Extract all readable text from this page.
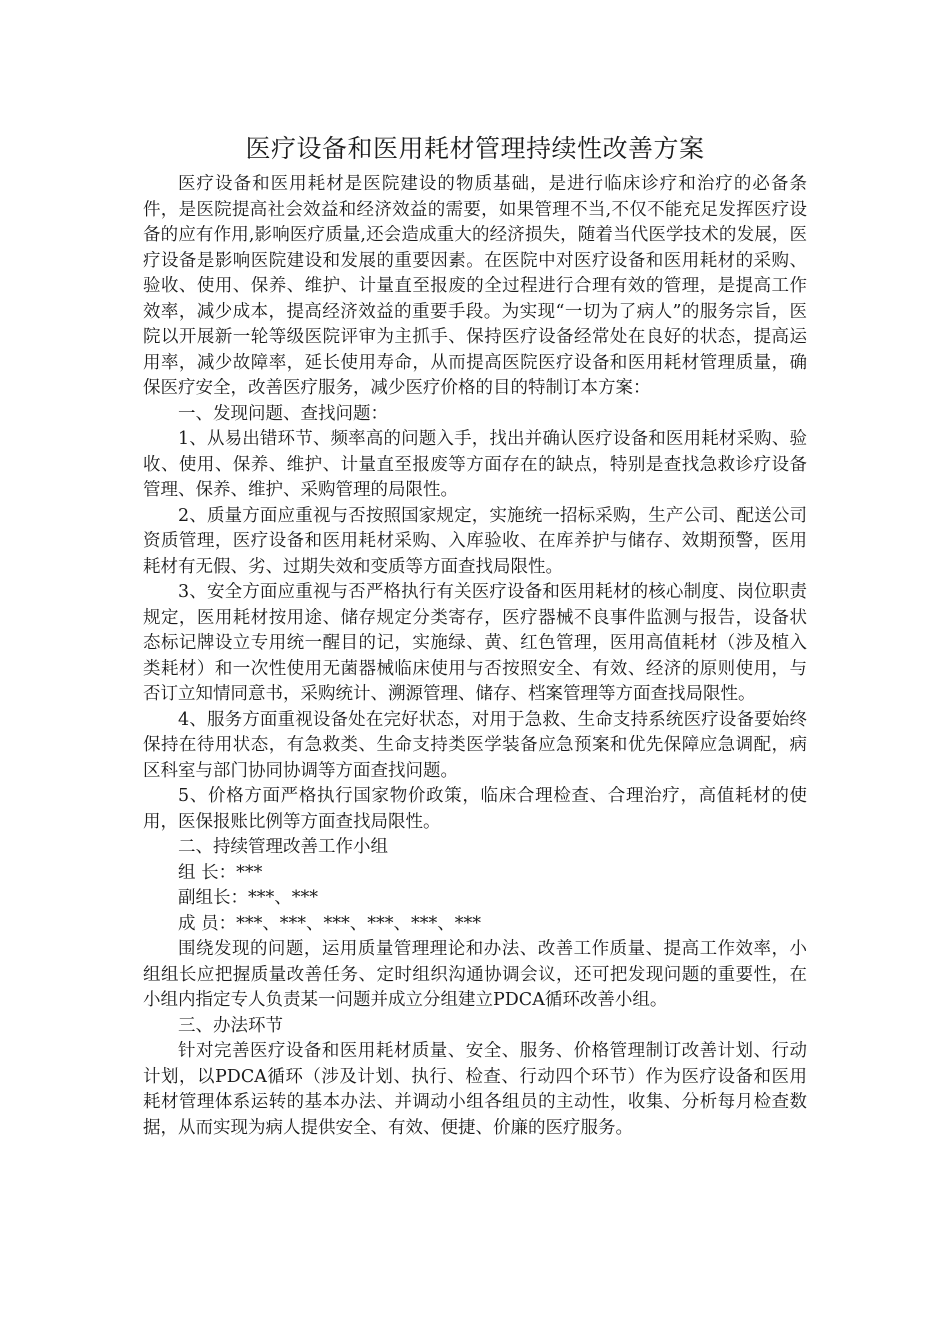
医疗设备和医用耗材管理持续性改善方案

医疗设备和医用耗材是医院建设的物质基础，是进行临床诊疗和治疗的必备条件，是医院提高社会效益和经济效益的需要，如果管理不当,不仅不能充足发挥医疗设备的应有作用,影响医疗质量,还会造成重大的经济损失，随着当代医学技术的发展，医疗设备是影响医院建设和发展的重要因素。在医院中对医疗设备和医用耗材的采购、验收、使用、保养、维护、计量直至报废的全过程进行合理有效的管理，是提高工作效率，减少成本，提高经济效益的重要手段。为实现“一切为了病人”的服务宗旨，医院以开展新一轮等级医院评审为主抓手、保持医疗设备经常处在良好的状态，提高运用率，减少故障率，延长使用寿命，从而提高医院医疗设备和医用耗材管理质量，确保医疗安全，改善医疗服务，减少医疗价格的目的特制订本方案：

一、发现问题、查找问题：

1、从易出错环节、频率高的问题入手，找出并确认医疗设备和医用耗材采购、验收、使用、保养、维护、计量直至报废等方面存在的缺点，特别是查找急救诊疗设备管理、保养、维护、采购管理的局限性。

2、质量方面应重视与否按照国家规定，实施统一招标采购，生产公司、配送公司资质管理，医疗设备和医用耗材采购、入库验收、在库养护与储存、效期预警，医用耗材有无假、劣、过期失效和变质等方面查找局限性。

3、安全方面应重视与否严格执行有关医疗设备和医用耗材的核心制度、岗位职责规定，医用耗材按用途、储存规定分类寄存，医疗器械不良事件监测与报告，设备状态标记牌设立专用统一醒目的记，实施绿、黄、红色管理，医用高值耗材（涉及植入类耗材）和一次性使用无菌器械临床使用与否按照安全、有效、经济的原则使用，与否订立知情同意书，采购统计、溯源管理、储存、档案管理等方面查找局限性。

4、服务方面重视设备处在完好状态，对用于急救、生命支持系统医疗设备要始终保持在待用状态，有急救类、生命支持类医学装备应急预案和优先保障应急调配，病区科室与部门协同协调等方面查找问题。

5、价格方面严格执行国家物价政策，临床合理检查、合理治疗，高值耗材的使用，医保报账比例等方面查找局限性。

二、持续管理改善工作小组

组 长：***

副组长：***、***

成 员：***、***、***、***、***、***

围绕发现的问题，运用质量管理理论和办法、改善工作质量、提高工作效率，小组组长应把握质量改善任务、定时组织沟通协调会议，还可把发现问题的重要性，在小组内指定专人负责某一问题并成立分组建立PDCA循环改善小组。

三、办法环节

针对完善医疗设备和医用耗材质量、安全、服务、价格管理制订改善计划、行动计划，以PDCA循环（涉及计划、执行、检查、行动四个环节）作为医疗设备和医用耗材管理体系运转的基本办法、并调动小组各组员的主动性，收集、分析每月检查数据，从而实现为病人提供安全、有效、便捷、价廉的医疗服务。
